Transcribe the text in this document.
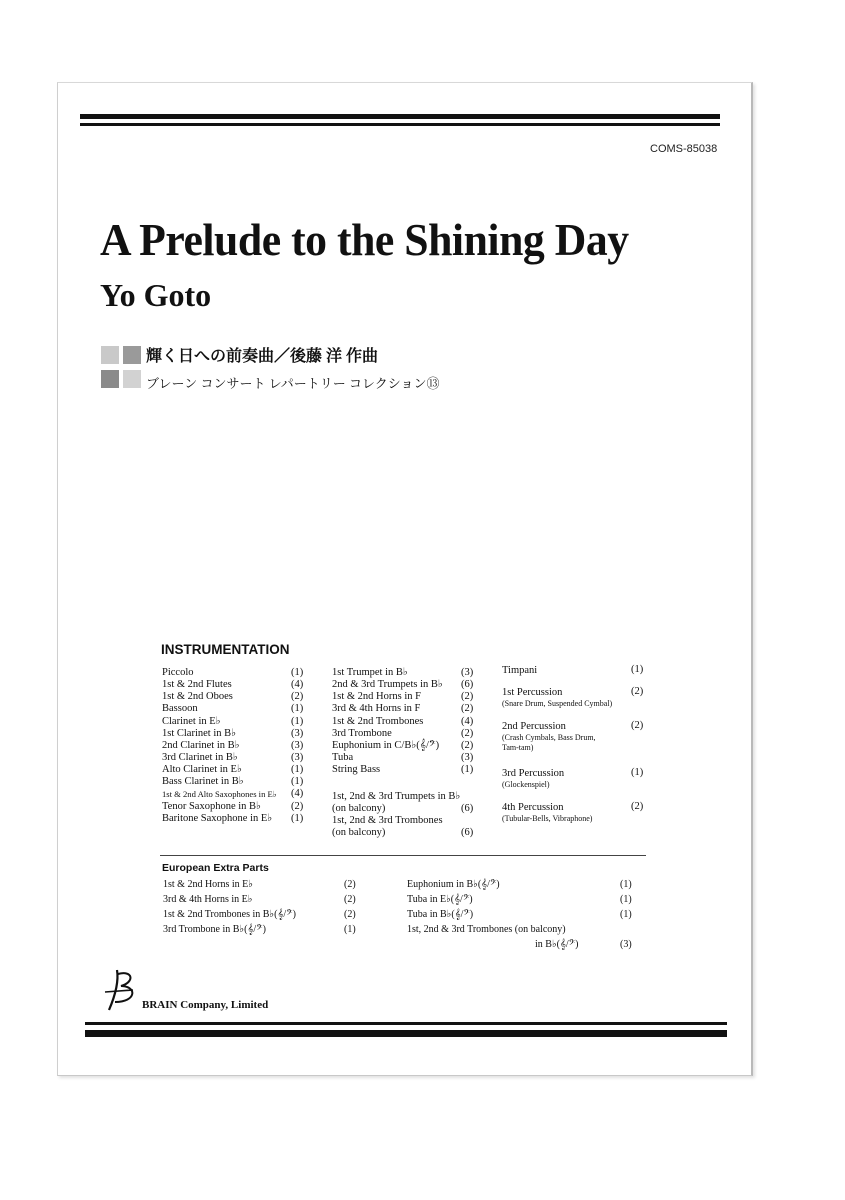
COMS-85038
A Prelude to the Shining Day
Yo Goto
輝く日への前奏曲／後藤 洋 作曲
ブレーン コンサート レパートリー コレクション⑬
INSTRUMENTATION
Piccolo	(1)
1st & 2nd Flutes	(4)
1st & 2nd Oboes	(2)
Bassoon	(1)
Clarinet in E♭	(1)
1st Clarinet in B♭	(3)
2nd Clarinet in B♭	(3)
3rd Clarinet in B♭	(3)
Alto Clarinet in E♭	(1)
Bass Clarinet in B♭	(1)
1st & 2nd Alto Saxophones in E♭ (4)
Tenor Saxophone in B♭	(2)
Baritone Saxophone in E♭ (1)
1st Trumpet in B♭	(3)
2nd & 3rd Trumpets in B♭ (6)
1st & 2nd Horns in F	(2)
3rd & 4th Horns in F	(2)
1st & 2nd Trombones	(4)
3rd Trombone	(2)
Euphonium in C/B♭(𝄞/𝄢) (2)
Tuba	(3)
String Bass	(1)
1st, 2nd & 3rd Trumpets in B♭
(on balcony)	(6)
1st, 2nd & 3rd Trombones
(on balcony)	(6)
Timpani	(1)
1st Percussion	(2)
(Snare Drum, Suspended Cymbal)
2nd Percussion	(2)
(Crash Cymbals, Bass Drum,
Tam-tam)
3rd Percussion	(1)
(Glockenspiel)
4th Percussion	(2)
(Tubular-Bells, Vibraphone)
European Extra Parts
1st & 2nd Horns in E♭	(2)
3rd & 4th Horns in E♭	(2)
1st & 2nd Trombones in B♭(𝄞/𝄢)	(2)
3rd Trombone in B♭(𝄞/𝄢)	(1)
Euphonium in B♭(𝄞/𝄢)	(1)
Tuba in E♭(𝄞/𝄢)	(1)
Tuba in B♭(𝄞/𝄢)	(1)
1st, 2nd & 3rd Trombones (on balcony)
in B♭(𝄞/𝄢)	(3)
BRAIN Company, Limited
